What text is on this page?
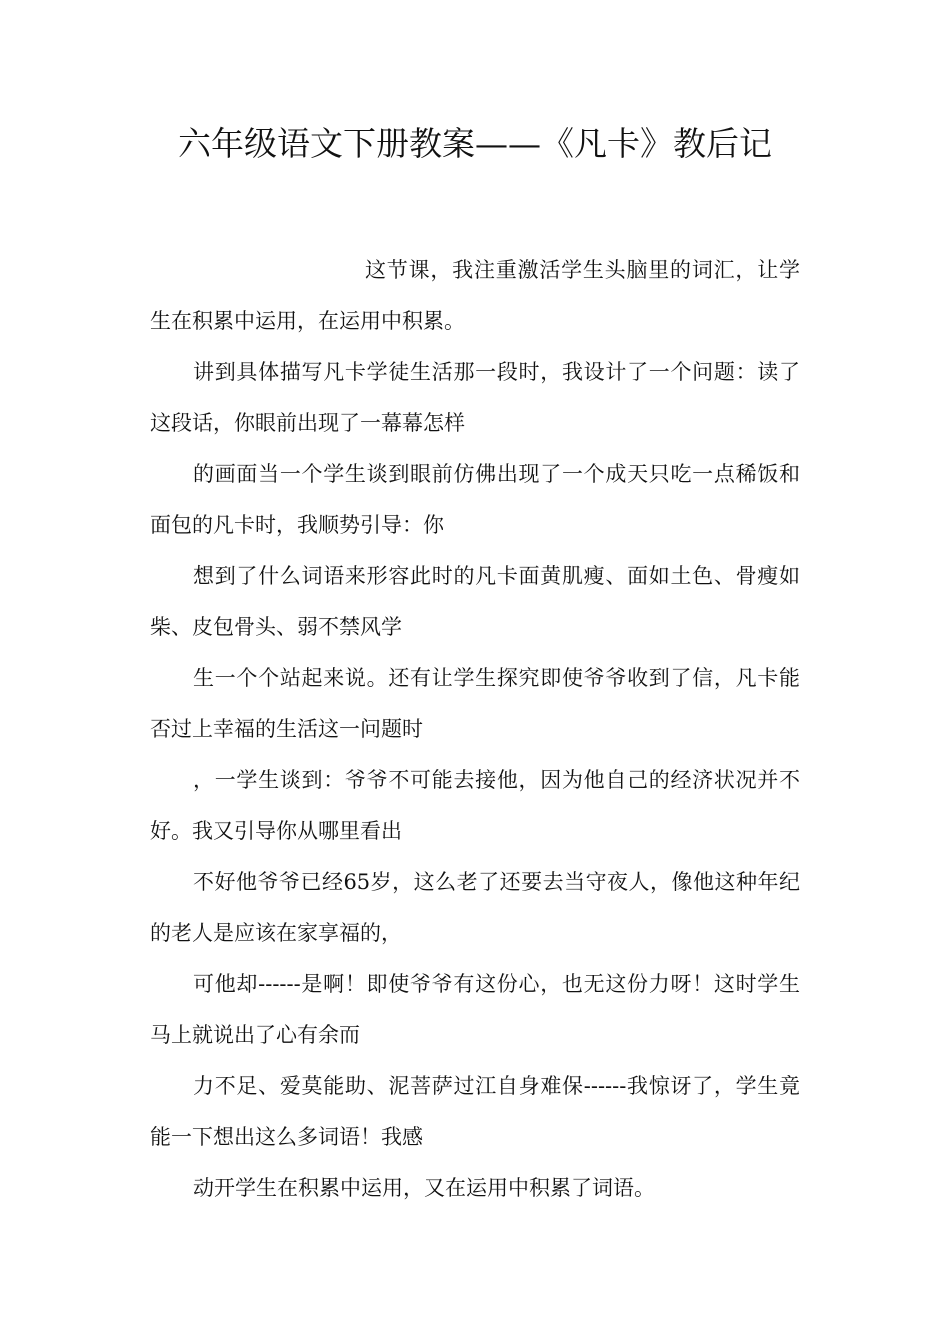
六年级语文下册教案——《凡卡》教后记

这节课，我注重激活学生头脑里的词汇，让学生在积累中运用，在运用中积累。

讲到具体描写凡卡学徒生活那一段时，我设计了一个问题：读了这段话，你眼前出现了一幕幕怎样

的画面当一个学生谈到眼前仿佛出现了一个成天只吃一点稀饭和面包的凡卡时，我顺势引导：你

想到了什么词语来形容此时的凡卡面黄肌瘦、面如土色、骨瘦如柴、皮包骨头、弱不禁风学

生一个个站起来说。还有让学生探究即使爷爷收到了信，凡卡能否过上幸福的生活这一问题时

，一学生谈到：爷爷不可能去接他，因为他自己的经济状况并不好。我又引导你从哪里看出

不好他爷爷已经65岁，这么老了还要去当守夜人，像他这种年纪的老人是应该在家享福的，

可他却------是啊！即使爷爷有这份心，也无这份力呀！这时学生马上就说出了心有余而

力不足、爱莫能助、泥菩萨过江自身难保------我惊讶了，学生竟能一下想出这么多词语！我感

动开学生在积累中运用，又在运用中积累了词语。
